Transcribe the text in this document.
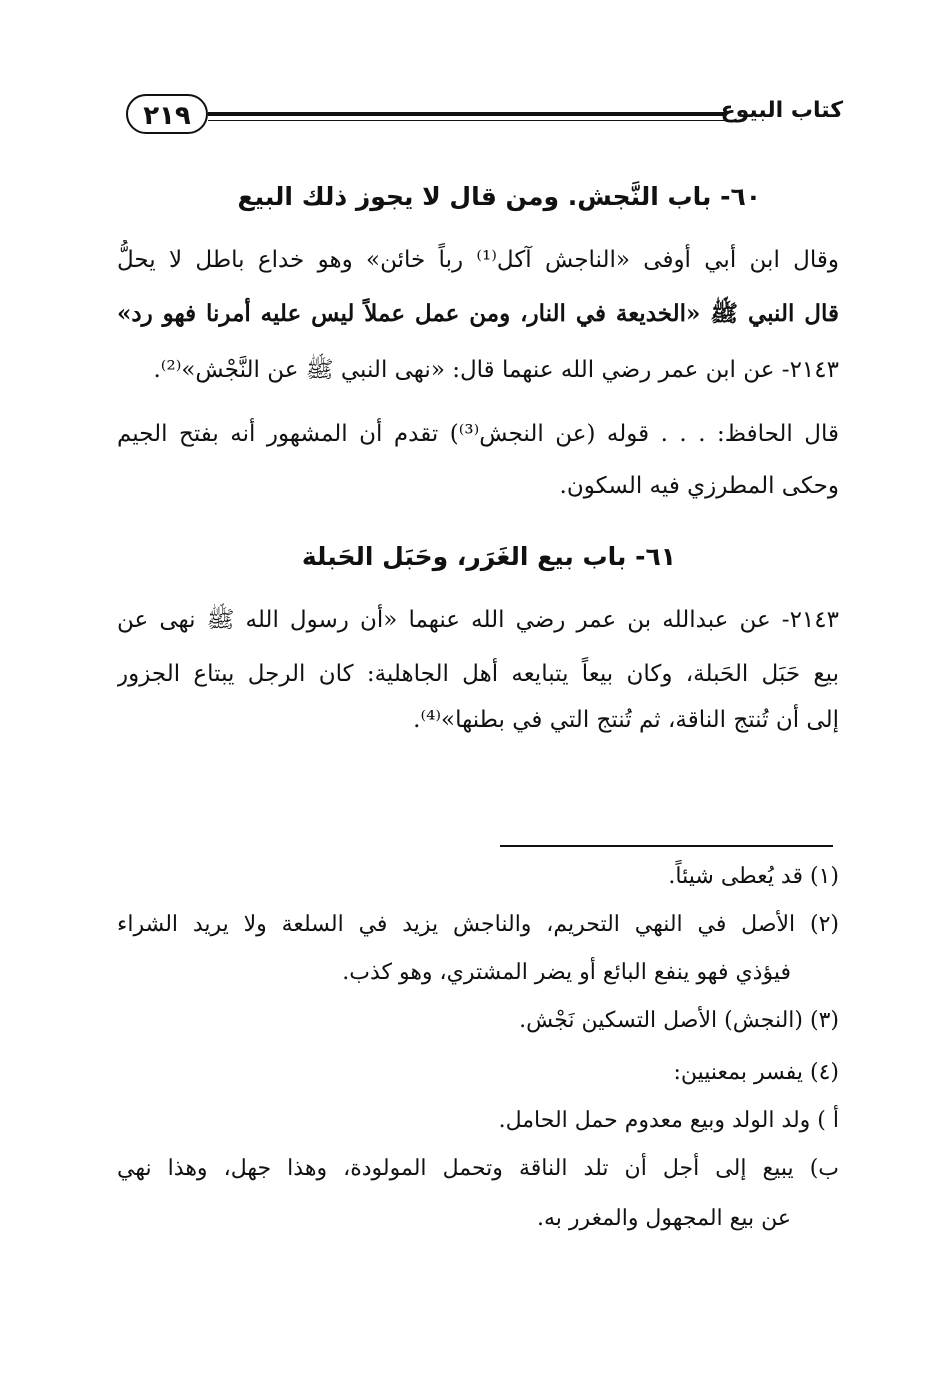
٢١٩	كتاب البيوع
٦٠- باب النَّجش. ومن قال لا يجوز ذلك البيع
وقال ابن أبي أوفى «الناجش آكل⁽¹⁾ رباً خائن» وهو خداع باطل لا يحلُّ
قال النبي ﷺ «الخديعة في النار، ومن عمل عملاً ليس عليه أمرنا فهو رد»
٢١٤٣- عن ابن عمر رضي الله عنهما قال: «نهى النبي ﷺ عن النَّجْش»⁽²⁾.
قال الحافظ: . . . قوله (عن النجش⁽³⁾) تقدم أن المشهور أنه بفتح الجيم
وحكى المطرزي فيه السكون.
٦١- باب بيع الغَرَر، وحَبَل الحَبلة
٢١٤٣- عن عبدالله بن عمر رضي الله عنهما «أن رسول الله ﷺ نهى عن
بيع حَبَل الحَبلة، وكان بيعاً يتبايعه أهل الجاهلية: كان الرجل يبتاع الجزور
إلى أن تُنتج الناقة، ثم تُنتج التي في بطنها»⁽⁴⁾.
(١) قد يُعطى شيئاً.
(٢) الأصل في النهي التحريم، والناجش يزيد في السلعة ولا يريد الشراء
فيؤذي فهو ينفع البائع أو يضر المشتري، وهو كذب.
(٣) (النجش) الأصل التسكين نَجْش.
(٤) يفسر بمعنيين:
أ ) ولد الولد وبيع معدوم حمل الحامل.
ب) يبيع إلى أجل أن تلد الناقة وتحمل المولودة، وهذا جهل، وهذا نهي
عن بيع المجهول والمغرر به.
